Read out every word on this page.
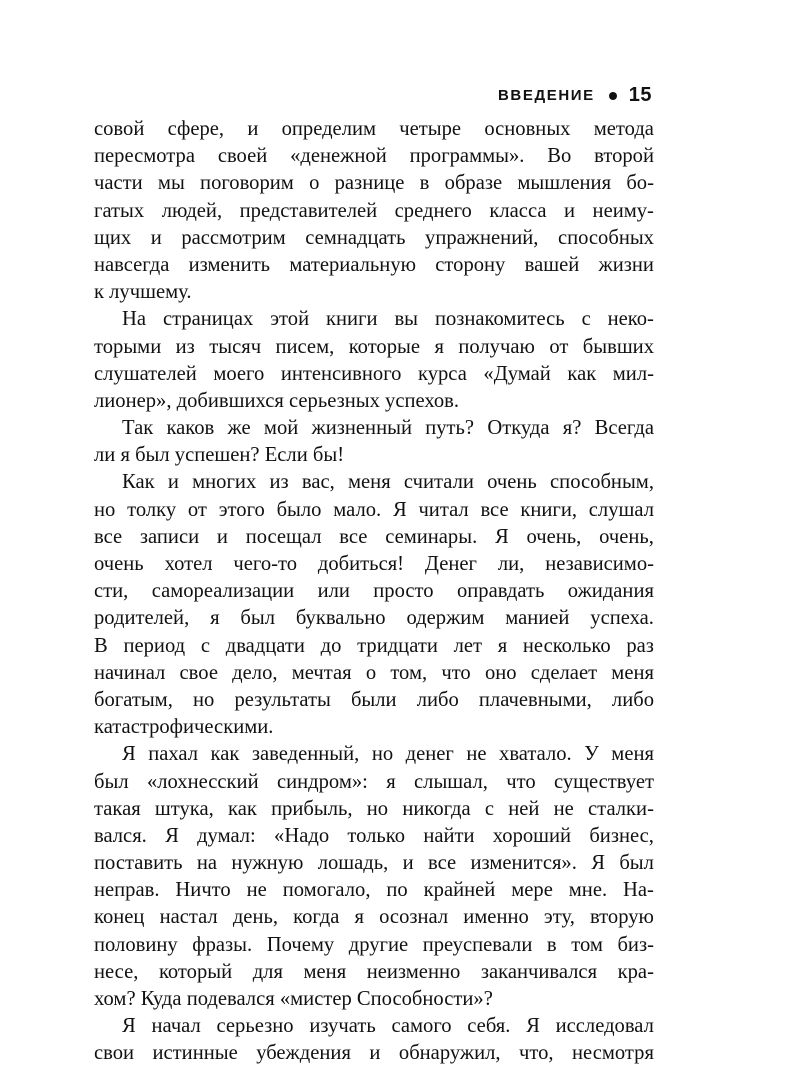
ВВЕДЕНИЕ 15
совой сфере, и определим четыре основных метода
пересмотра своей «денежной программы». Во второй
части мы поговорим о разнице в образе мышления бо-
гатых людей, представителей среднего класса и неиму-
щих и рассмотрим семнадцать упражнений, способных
навсегда изменить материальную сторону вашей жизни
к лучшему.
На страницах этой книги вы познакомитесь с неко-
торыми из тысяч писем, которые я получаю от бывших
слушателей моего интенсивного курса «Думай как мил-
лионер», добившихся серьезных успехов.
Так каков же мой жизненный путь? Откуда я? Всегда
ли я был успешен? Если бы!
Как и многих из вас, меня считали очень способным,
но толку от этого было мало. Я читал все книги, слушал
все записи и посещал все семинары. Я очень, очень,
очень хотел чего-то добиться! Денег ли, независимо-
сти, самореализации или просто оправдать ожидания
родителей, я был буквально одержим манией успеха.
В период с двадцати до тридцати лет я несколько раз
начинал свое дело, мечтая о том, что оно сделает меня
богатым, но результаты были либо плачевными, либо
катастрофическими.
Я пахал как заведенный, но денег не хватало. У меня
был «лохнесский синдром»: я слышал, что существует
такая штука, как прибыль, но никогда с ней не сталки-
вался. Я думал: «Надо только найти хороший бизнес,
поставить на нужную лошадь, и все изменится». Я был
неправ. Ничто не помогало, по крайней мере мне. На-
конец настал день, когда я осознал именно эту, вторую
половину фразы. Почему другие преуспевали в том биз-
несе, который для меня неизменно заканчивался кра-
хом? Куда подевался «мистер Способности»?
Я начал серьезно изучать самого себя. Я исследовал
свои истинные убеждения и обнаружил, что, несмотря
